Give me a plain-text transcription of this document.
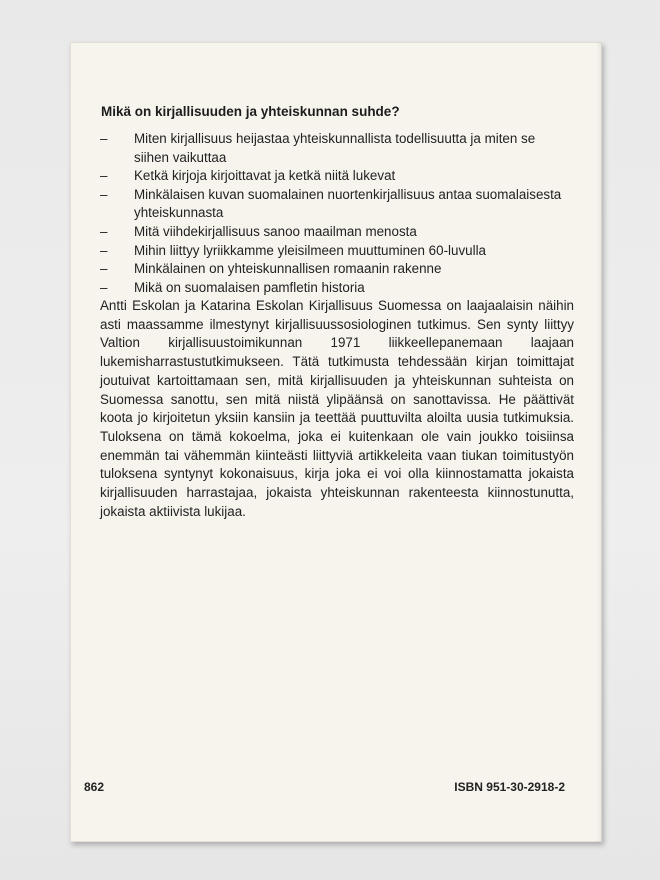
Mikä on kirjallisuuden ja yhteiskunnan suhde?
– Miten kirjallisuus heijastaa yhteiskunnallista todellisuutta ja miten se siihen vaikuttaa
– Ketkä kirjoja kirjoittavat ja ketkä niitä lukevat
– Minkälaisen kuvan suomalainen nuortenkirjallisuus antaa suomalaisesta yhteiskunnasta
– Mitä viihdekirjallisuus sanoo maailman menosta
– Mihin liittyy lyriikkamme yleisilmeen muuttuminen 60-luvulla
– Minkälainen on yhteiskunnallisen romaanin rakenne
– Mikä on suomalaisen pamfletin historia

Antti Eskolan ja Katarina Eskolan Kirjallisuus Suomessa on laajaalaisin näihin asti maassamme ilmestynyt kirjallisuussosiologinen tutkimus. Sen synty liittyy Valtion kirjallisuustoimikunnan 1971 liikkeellepanemaan laajaan lukemisharrastustutkimukseen. Tätä tutkimusta tehdessään kirjan toimittajat joutuivat kartoittamaan sen, mitä kirjallisuuden ja yhteiskunnan suhteista on Suomessa sanottu, sen mitä niistä ylipäänsä on sanottavissa. He päättivät koota jo kirjoitetun yksiin kansiin ja teettää puuttuvilta aloilta uusia tutkimuksia. Tuloksena on tämä kokoelma, joka ei kuitenkaan ole vain joukko toisiinsa enemmän tai vähemmän kiinteästi liittyviä artikkeleita vaan tiukan toimitustyön tuloksena syntynyt kokonaisuus, kirja joka ei voi olla kiinnostamatta jokaista kirjallisuuden harrastajaa, jokaista yhteiskunnan rakenteesta kiinnostunutta, jokaista aktiivista lukijaa.

862	ISBN 951-30-2918-2
